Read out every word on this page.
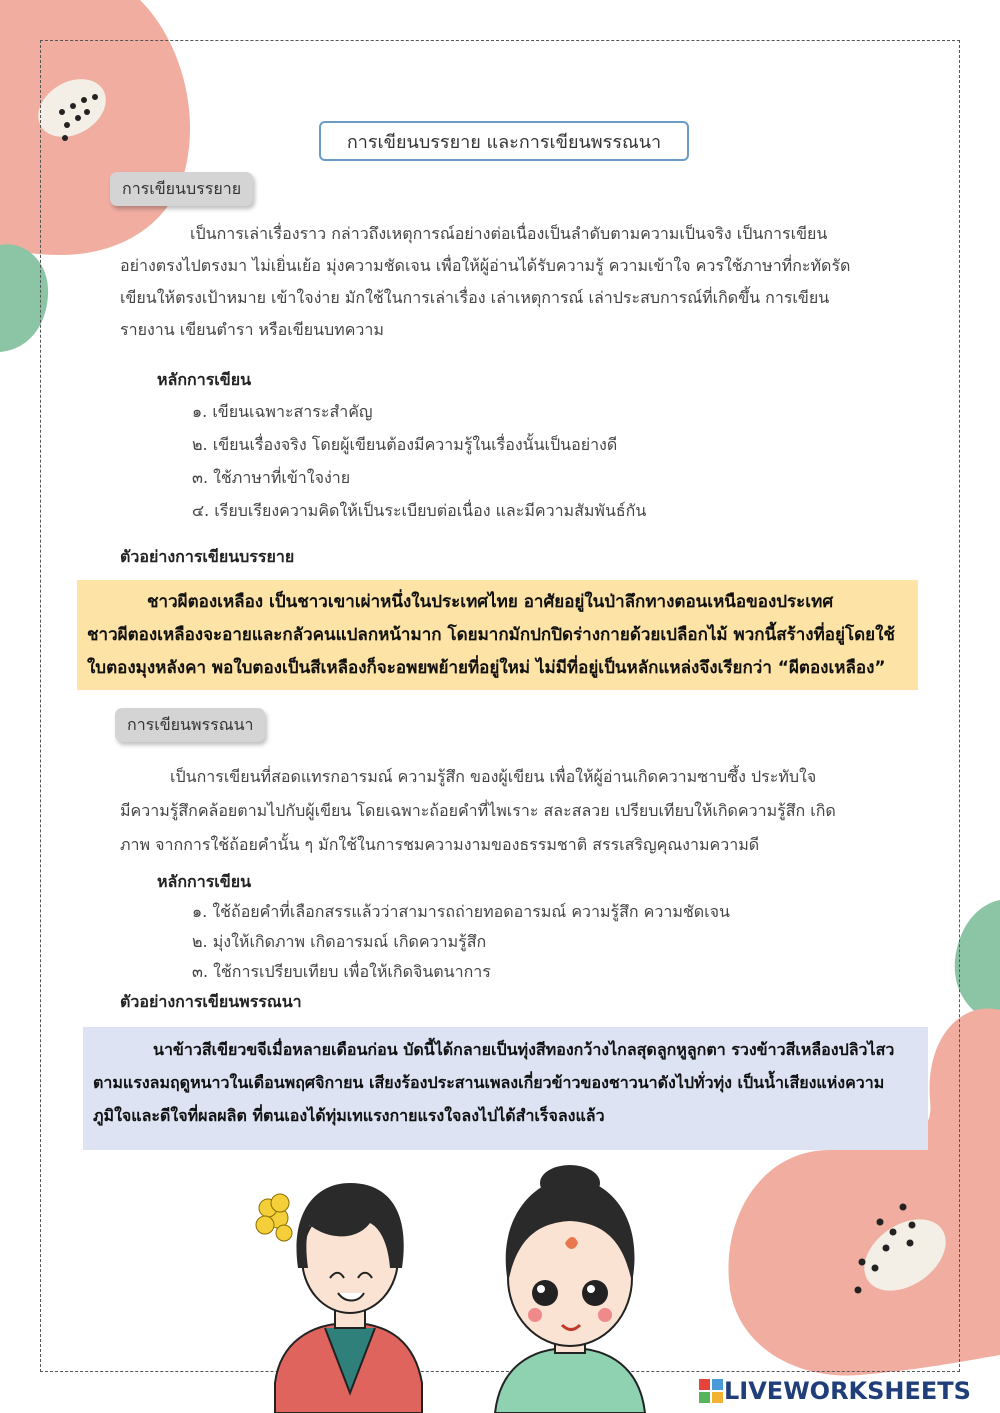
การเขียนบรรยาย และการเขียนพรรณนา
การเขียนบรรยาย
เป็นการเล่าเรื่องราว กล่าวถึงเหตุการณ์อย่างต่อเนื่องเป็นลำดับตามความเป็นจริง เป็นการเขียน
อย่างตรงไปตรงมา ไม่เยิ่นเย้อ มุ่งความชัดเจน เพื่อให้ผู้อ่านได้รับความรู้ ความเข้าใจ ควรใช้ภาษาที่กะทัดรัด
เขียนให้ตรงเป้าหมาย เข้าใจง่าย มักใช้ในการเล่าเรื่อง เล่าเหตุการณ์ เล่าประสบการณ์ที่เกิดขึ้น การเขียน
รายงาน เขียนตำรา หรือเขียนบทความ
หลักการเขียน
๑. เขียนเฉพาะสาระสำคัญ
๒. เขียนเรื่องจริง โดยผู้เขียนต้องมีความรู้ในเรื่องนั้นเป็นอย่างดี
๓. ใช้ภาษาที่เข้าใจง่าย
๔. เรียบเรียงความคิดให้เป็นระเบียบต่อเนื่อง และมีความสัมพันธ์กัน
ตัวอย่างการเขียนบรรยาย
ชาวผีตองเหลือง เป็นชาวเขาเผ่าหนึ่งในประเทศไทย อาศัยอยู่ในป่าลึกทางตอนเหนือของประเทศ
ชาวผีตองเหลืองจะอายและกลัวคนแปลกหน้ามาก โดยมากมักปกปิดร่างกายด้วยเปลือกไม้ พวกนี้สร้างที่อยู่โดยใช้
ใบตองมุงหลังคา พอใบตองเป็นสีเหลืองก็จะอพยพย้ายที่อยู่ใหม่ ไม่มีที่อยู่เป็นหลักแหล่งจึงเรียกว่า “ผีตองเหลือง”
การเขียนพรรณนา
เป็นการเขียนที่สอดแทรกอารมณ์ ความรู้สึก ของผู้เขียน เพื่อให้ผู้อ่านเกิดความซาบซึ้ง ประทับใจ
มีความรู้สึกคล้อยตามไปกับผู้เขียน โดยเฉพาะถ้อยคำที่ไพเราะ สละสลวย เปรียบเทียบให้เกิดความรู้สึก เกิด
ภาพ จากการใช้ถ้อยคำนั้น ๆ มักใช้ในการชมความงามของธรรมชาติ สรรเสริญคุณงามความดี
หลักการเขียน
๑. ใช้ถ้อยคำที่เลือกสรรแล้วว่าสามารถถ่ายทอดอารมณ์ ความรู้สึก ความชัดเจน
๒. มุ่งให้เกิดภาพ เกิดอารมณ์ เกิดความรู้สึก
๓. ใช้การเปรียบเทียบ เพื่อให้เกิดจินตนาการ
ตัวอย่างการเขียนพรรณนา
นาข้าวสีเขียวขจีเมื่อหลายเดือนก่อน บัดนี้ได้กลายเป็นทุ่งสีทองกว้างไกลสุดลูกหูลูกตา รวงข้าวสีเหลืองปลิวไสว
ตามแรงลมฤดูหนาวในเดือนพฤศจิกายน เสียงร้องประสานเพลงเกี่ยวข้าวของชาวนาดังไปทั่วทุ่ง เป็นน้ำเสียงแห่งความ
ภูมิใจและดีใจที่ผลผลิต ที่ตนเองได้ทุ่มเทแรงกายแรงใจลงไปได้สำเร็จลงแล้ว
LIVEWORKSHEETS
